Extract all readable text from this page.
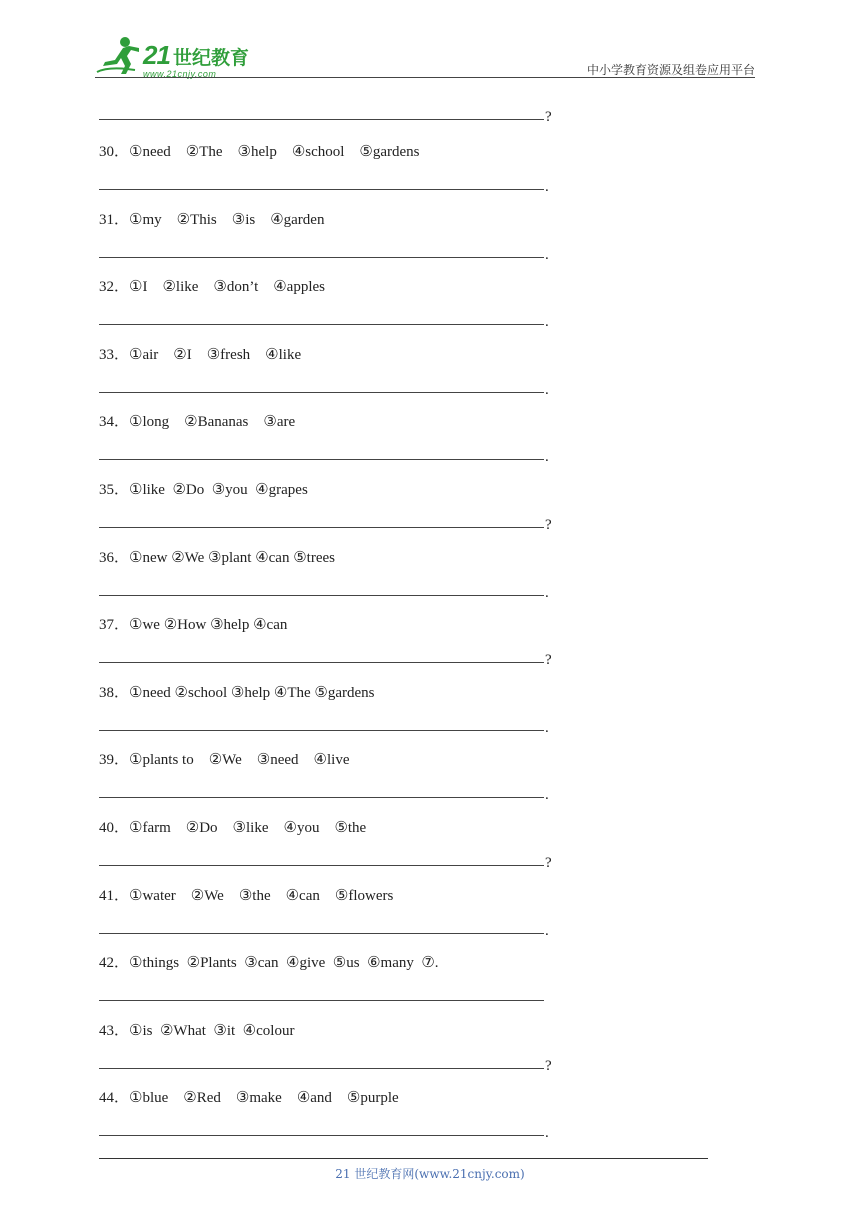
21 世纪教育
www.21cnjy.com	中小学教育资源及组卷应用平台
?
30．①need    ②The    ③help    ④school    ⑤gardens
.
31．①my    ②This    ③is    ④garden
.
32．①I    ②like    ③don’t    ④apples
.
33．①air    ②I    ③fresh    ④like
.
34．①long    ②Bananas    ③are
.
35．①like  ②Do  ③you  ④grapes
?
36．①new ②We ③plant ④can ⑤trees
.
37．①we ②How ③help ④can
?
38．①need ②school ③help ④The ⑤gardens
.
39．①plants to    ②We    ③need    ④live
.
40．①farm    ②Do    ③like    ④you    ⑤the
?
41．①water    ②We    ③the    ④can    ⑤flowers
.
42．①things  ②Plants  ③can  ④give  ⑤us  ⑥many  ⑦.
43．①is  ②What  ③it  ④colour
?
44．①blue    ②Red    ③make    ④and    ⑤purple
.
21 世纪教育网(www.21cnjy.com)
